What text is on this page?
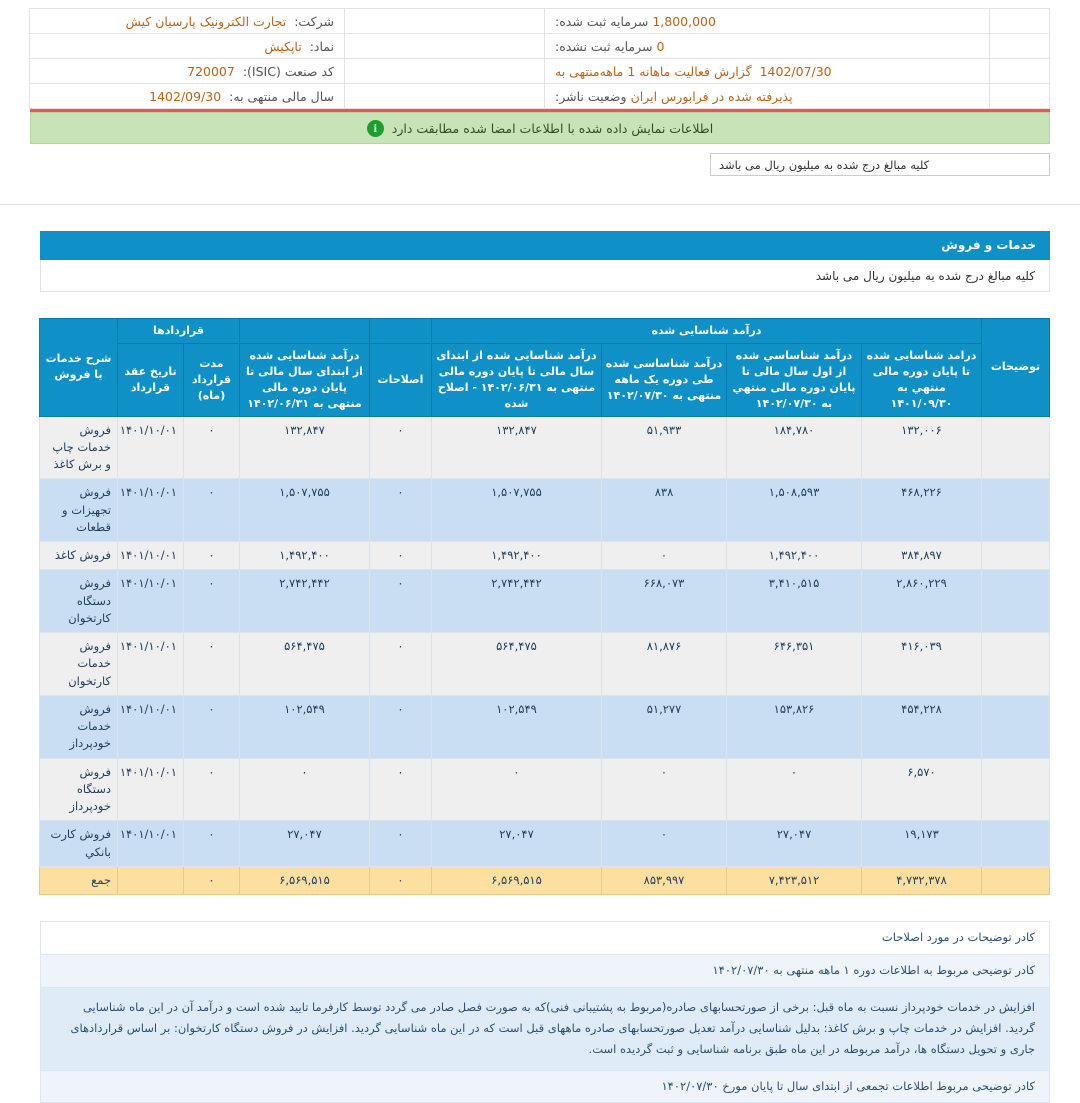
	1,800,000 سرمایه ثبت شده:		شرکت: تجارت الکترونیک پارسیان کیش
	0 سرمایه ثبت نشده:		نماد: تاپکیش
	1402/07/30 گزارش فعالیت ماهانه 1 ماهه‌منتهی به		کد صنعت (ISIC): 720007
	پذیرفته شده در فرابورس ایران وضعیت ناشر:		سال مالی منتهی به: 1402/09/30
اطلاعات نمایش داده شده با اطلاعات امضا شده مطابقت دارد
i
کلیه مبالغ درج شده به میلیون ریال می باشد
خدمات و فروش
کلیه مبالغ درج شده به میلیون ریال می باشد
توضیحات	درآمد شناسایی شده						قرارداد‌ها		شرح خدمات یا فروش
	درامد شناسایی شده تا پایان دوره مالی منتهي به ۱۴۰۱/۰۹/۳۰	درآمد شناساسي شده از اول سال مالی تا پایان دوره مالی منتهي به ۱۴۰۲/۰۷/۳۰	درآمد شناساسی شده طی دوره یک ماهه منتهی به ۱۴۰۲/۰۷/۳۰	درآمد شناسایی شده از ابتدای سال مالی تا پایان دوره مالی منتهی به ۱۴۰۲/۰۶/۳۱ - اصلاح شده	اصلاحات	درآمد شناسایی شده از ابتدای سال مالی تا پایان دوره مالی منتهی به ۱۴۰۲/۰۶/۳۱	مدت قرارداد (ماه)	تاریخ عقد قرارداد	
	۱۳۲,۰۰۶	۱۸۴,۷۸۰	۵۱,۹۳۳	۱۳۲,۸۴۷	۰	۱۳۲,۸۴۷	۰	۱۴۰۱/۱۰/۰۱	فروش خدمات چاپ و برش کاغذ
	۴۶۸,۲۲۶	۱,۵۰۸,۵۹۳	۸۳۸	۱,۵۰۷,۷۵۵	۰	۱,۵۰۷,۷۵۵	۰	۱۴۰۱/۱۰/۰۱	فروش تجهیزات و قطعات
	۳۸۴,۸۹۷	۱,۴۹۲,۴۰۰	۰	۱,۴۹۲,۴۰۰	۰	۱,۴۹۲,۴۰۰	۰	۱۴۰۱/۱۰/۰۱	فروش کاغذ
	۲,۸۶۰,۲۲۹	۳,۴۱۰,۵۱۵	۶۶۸,۰۷۳	۲,۷۴۲,۴۴۲	۰	۲,۷۴۲,۴۴۲	۰	۱۴۰۱/۱۰/۰۱	فروش دستگاه کارتخوان
	۴۱۶,۰۳۹	۶۴۶,۳۵۱	۸۱,۸۷۶	۵۶۴,۴۷۵	۰	۵۶۴,۴۷۵	۰	۱۴۰۱/۱۰/۰۱	فروش خدمات کارتخوان
	۴۵۴,۲۲۸	۱۵۳,۸۲۶	۵۱,۲۷۷	۱۰۲,۵۴۹	۰	۱۰۲,۵۴۹	۰	۱۴۰۱/۱۰/۰۱	فروش خدمات خودپرداز
	۶,۵۷۰	۰	۰	۰	۰	۰	۰	۱۴۰۱/۱۰/۰۱	فروش دستگاه خودپرداز
	۱۹,۱۷۳	۲۷,۰۴۷	۰	۲۷,۰۴۷	۰	۲۷,۰۴۷	۰	۱۴۰۱/۱۰/۰۱	فروش کارت بانکي
	۴,۷۳۲,۳۷۸	۷,۴۲۳,۵۱۲	۸۵۳,۹۹۷	۶,۵۶۹,۵۱۵	۰	۶,۵۶۹,۵۱۵	۰		جمع
کادر توضیحات در مورد اصلاحات
کادر توضیحی مربوط به اطلاعات دوره ۱ ماهه منتهی به ۱۴۰۲/۰۷/۳۰
افزایش در خدمات خودپرداز نسبت به ماه قبل: برخی از صورتحسابهای صادره(مربوط به پشتیبانی فنی)که به صورت فصل صادر می گردد توسط کارفرما تایید شده است و درآمد آن در این ماه شناسایی گردید. افزایش در خدمات چاپ و برش کاغذ: بدلیل شناسایی درآمد تعدیل صورتحسابهای صادره ماههای قبل است که در این ماه شناسایی گردید. افزایش در فروش دستگاه کارتخوان: بر اساس قراردادهای جاری و تحویل دستگاه ها، درآمد مربوطه در این ماه طبق برنامه شناسایی و ثبت گردیده است.
کادر توضیحی مربوط اطلاعات تجمعی از ابتدای سال تا پایان مورخ ۱۴۰۲/۰۷/۳۰
